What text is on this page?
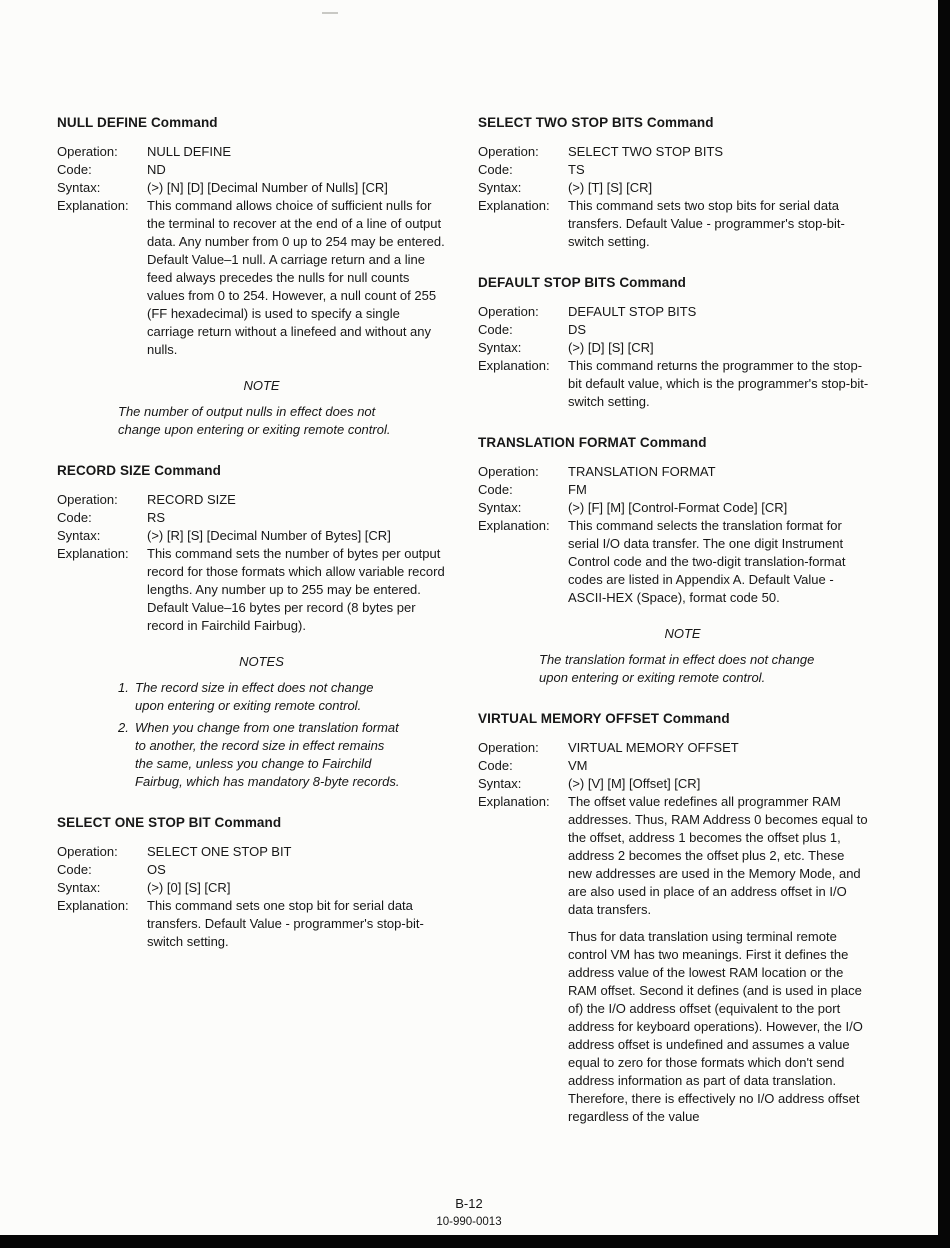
NULL DEFINE Command
Operation:	NULL DEFINE
Code:	ND
Syntax:	(>) [N] [D] [Decimal Number of Nulls] [CR]
Explanation:	This command allows choice of sufficient nulls for the terminal to recover at the end of a line of output data. Any number from 0 up to 254 may be entered. Default Value–1 null. A carriage return and a line feed always precedes the nulls for null counts values from 0 to 254. However, a null count of 255 (FF hexadecimal) is used to specify a single carriage return without a linefeed and without any nulls.

NOTE

The number of output nulls in effect does not change upon entering or exiting remote control.

RECORD SIZE Command
Operation:	RECORD SIZE
Code:	RS
Syntax:	(>) [R] [S] [Decimal Number of Bytes] [CR]
Explanation:	This command sets the number of bytes per output record for those formats which allow variable record lengths. Any number up to 255 may be entered. Default Value–16 bytes per record (8 bytes per record in Fairchild Fairbug).

NOTES
1. The record size in effect does not change upon entering or exiting remote control.
2. When you change from one translation format to another, the record size in effect remains the same, unless you change to Fairchild Fairbug, which has mandatory 8-byte records.
SELECT ONE STOP BIT Command
Operation:	SELECT ONE STOP BIT
Code:	OS
Syntax:	(>) [0] [S] [CR]
Explanation:	This command sets one stop bit for serial data transfers. Default Value - programmer's stop-bit-switch setting.

SELECT TWO STOP BITS Command
Operation:	SELECT TWO STOP BITS
Code:	TS
Syntax:	(>) [T] [S] [CR]
Explanation:	This command sets two stop bits for serial data transfers. Default Value - programmer's stop-bit-switch setting.

DEFAULT STOP BITS Command
Operation:	DEFAULT STOP BITS
Code:	DS
Syntax:	(>) [D] [S] [CR]
Explanation:	This command returns the programmer to the stop-bit default value, which is the programmer's stop-bit-switch setting.

TRANSLATION FORMAT Command
Operation:	TRANSLATION FORMAT
Code:	FM
Syntax:	(>) [F] [M] [Control-Format Code] [CR]
Explanation:	This command selects the translation format for serial I/O data transfer. The one digit Instrument Control code and the two-digit translation-format codes are listed in Appendix A. Default Value - ASCII-HEX (Space), format code 50.

NOTE

The translation format in effect does not change upon entering or exiting remote control.

VIRTUAL MEMORY OFFSET Command
Operation:	VIRTUAL MEMORY OFFSET
Code:	VM
Syntax:	(>) [V] [M] [Offset] [CR]
Explanation:	The offset value redefines all programmer RAM addresses. Thus, RAM Address 0 becomes equal to the offset, address 1 becomes the offset plus 1, address 2 becomes the offset plus 2, etc. These new addresses are used in the Memory Mode, and are also used in place of an address offset in I/O data transfers.

Thus for data translation using terminal remote control VM has two meanings. First it defines the address value of the lowest RAM location or the RAM offset. Second it defines (and is used in place of) the I/O address offset (equivalent to the port address for keyboard operations). However, the I/O address offset is undefined and assumes a value equal to zero for those formats which don't send address information as part of data translation. Therefore, there is effectively no I/O address offset regardless of the value

B-12
10-990-0013
